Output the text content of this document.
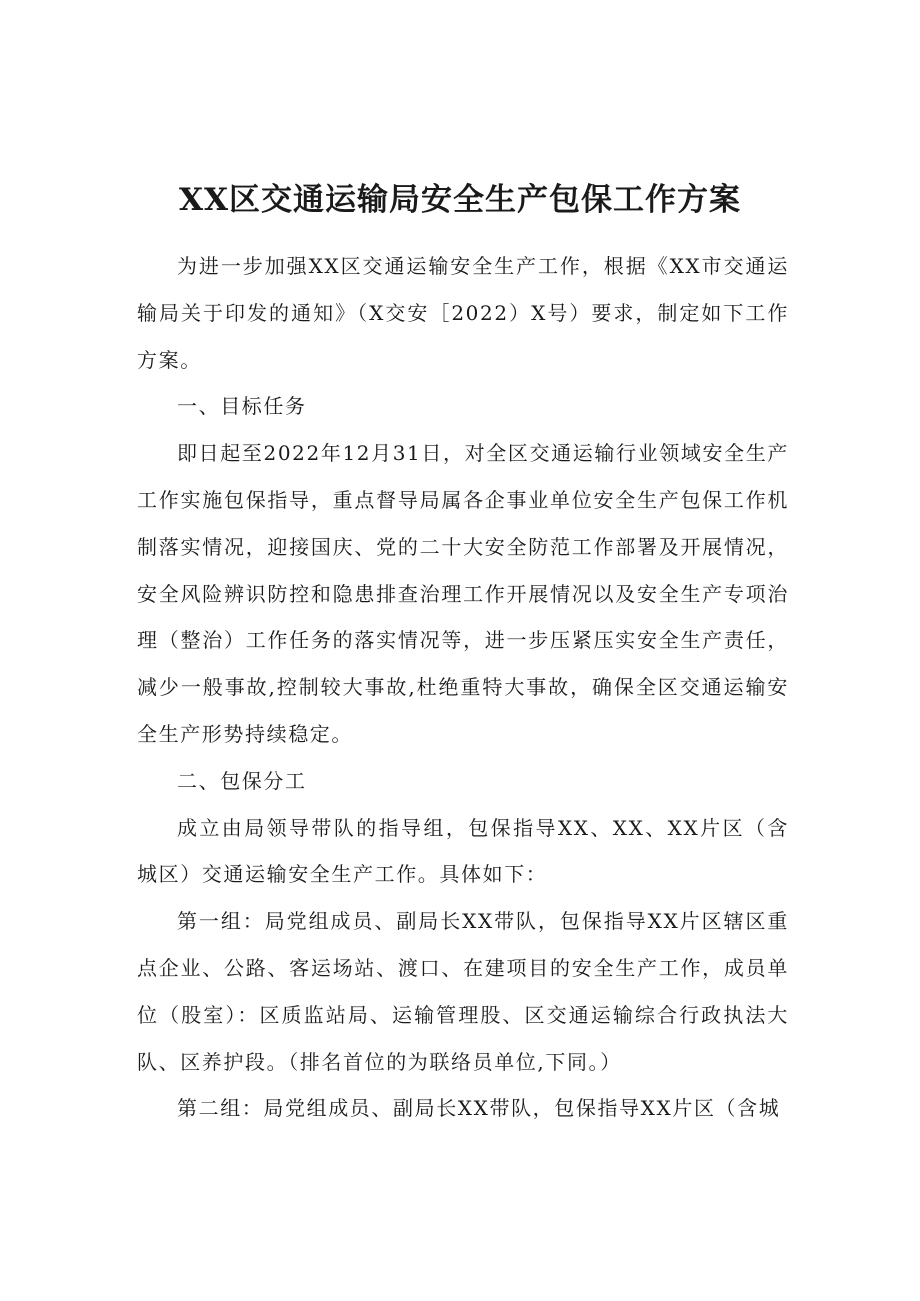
XX区交通运输局安全生产包保工作方案

为进一步加强XX区交通运输安全生产工作，根据《XX市交通运输局关于印发的通知》（X交安［2022）X号）要求，制定如下工作方案。

一、目标任务

即日起至2022年12月31日，对全区交通运输行业领域安全生产工作实施包保指导，重点督导局属各企事业单位安全生产包保工作机制落实情况，迎接国庆、党的二十大安全防范工作部署及开展情况，安全风险辨识防控和隐患排查治理工作开展情况以及安全生产专项治理（整治）工作任务的落实情况等，进一步压紧压实安全生产责任，减少一般事故,控制较大事故,杜绝重特大事故，确保全区交通运输安全生产形势持续稳定。

二、包保分工

成立由局领导带队的指导组，包保指导XX、XX、XX片区（含城区）交通运输安全生产工作。具体如下：

第一组：局党组成员、副局长XX带队，包保指导XX片区辖区重点企业、公路、客运场站、渡口、在建项目的安全生产工作，成员单位（股室）：区质监站局、运输管理股、区交通运输综合行政执法大队、区养护段。（排名首位的为联络员单位,下同。）

第二组：局党组成员、副局长XX带队，包保指导XX片区（含城
